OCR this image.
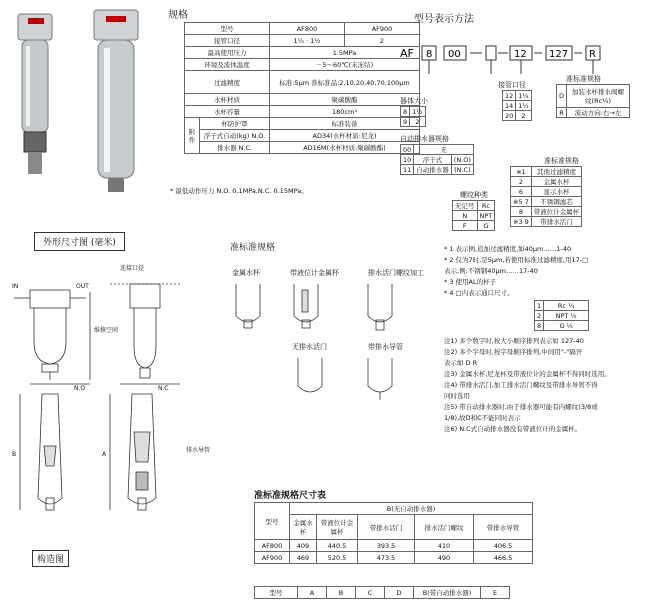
规格
型号		AF800	AF900
接管口径		1¼ · 1½	2
最高使用压力		1.5MPa	
环境及流体温度		－5～60℃(未冻结)	
过滤精度		标准:5μm 准标准品:2,10,20,40,70,100μm	
水杯材质		聚碳酸酯	
水杯容量		180cm³	
附件	杯防护罩	标准装备	
	浮子式自动(kg) N.O.	AD34(水杯材质:尼龙)	
	排水器 N.C.	AD16M(水杯材质:聚碳酸酯)	
* 最低动作压力 N.O. 0.1MPa,N.C. 0.15MPa。
型号表示方法
AF 8 00	12 127 R
准标准规格
D	加装水杯排水阀螺纹(Rc¼)
R	流动方向:右→左
接管口径
12	1¼
14	1½
20	2
器体大小
8	1½
9	2
自动排水器规格
00	无	
10	浮子式	(N.O)
11	自动排水器	(N.C)
螺纹种类
无记号	Rc
N	NPT
F	G
准标准规格
※1	其他过滤精度
2	金属水杯
6	显示水杯
※5 7	不锈钢滤芯
8	带液位计金属杯
※3 9	带排水活门
* 1 表示例,追加过滤精度,如40μm……1-40
* 2 仅为7时,是5μm,若使用标准过滤精度,用17-□
表示,例:不锈钢40μm……17-40
* 3 使用AL的杯子
* 4 □内表示通口尺寸。
1	Rc ¼
2	NPT ¼
8	G ¼
注1) 多个数字时,按大小顺序排列表示如 127-40
注2) 多个字母时,按字母顺序排列,中间用"-"隔开
表示如 D R
注3) 金属水杯,尼龙杯及带液位计的金属杯不得同时选用。
注4) 带排水活门,加工排水活门螺纹及带排水导管不得
同时选用
注5) 带自动排水器时,由于排水器可能有内螺纹(3/8或
1/8),故D和C不能同时表示
注6) N.C式自动排水器没有带液位计的金属杯。
外形尺寸图 (毫米)
连接口径
IN	OUT
维修空间
N.O	N.C
排水导管
B	A
准标准规格
金属水杯	带液位计金属杯	排水活门螺纹加工
无排水活门	带排水导管
准标准规格尺寸表
型号	B(无自动排水器)				
	金属水杯	带液位计金属杯	带排水活门	排水活门螺纹	带排水导管
AF800	409	440.5	393.5	410	406.5
AF900	469	520.5	473.5	490	466.5
构造图
型号	A	B	C	D	B(带自动排水器)	E
